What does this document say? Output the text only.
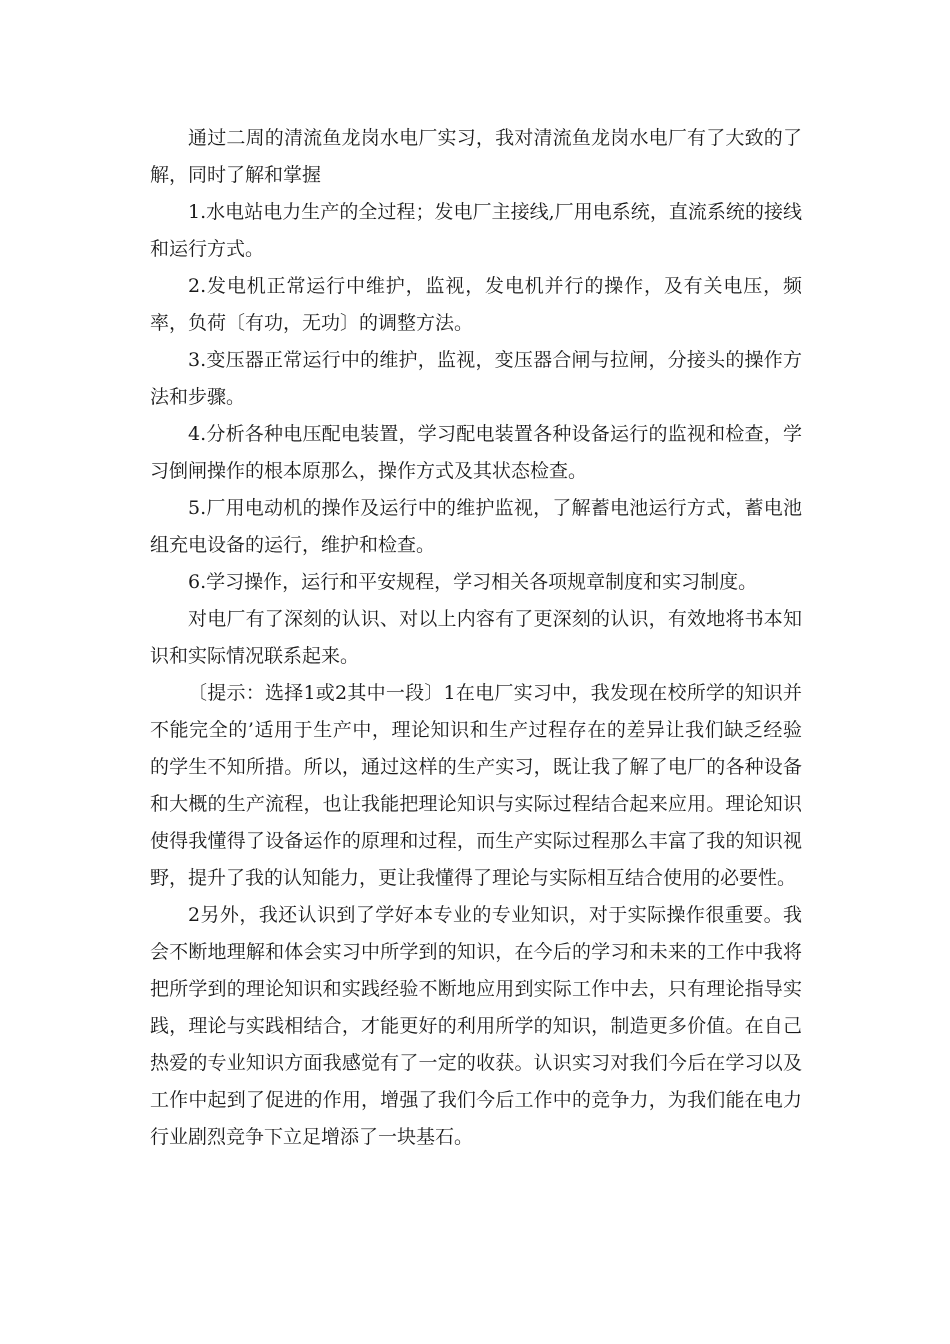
通过二周的清流鱼龙岗水电厂实习，我对清流鱼龙岗水电厂有了大致的了解，同时了解和掌握

1.水电站电力生产的全过程；发电厂主接线,厂用电系统，直流系统的接线和运行方式。

2.发电机正常运行中维护，监视，发电机并行的操作，及有关电压，频率，负荷〔有功，无功〕的调整方法。

3.变压器正常运行中的维护，监视，变压器合闸与拉闸，分接头的操作方法和步骤。

4.分析各种电压配电装置，学习配电装置各种设备运行的监视和检查，学习倒闸操作的根本原那么，操作方式及其状态检查。

5.厂用电动机的操作及运行中的维护监视，了解蓄电池运行方式，蓄电池组充电设备的运行，维护和检查。

6.学习操作，运行和平安规程，学习相关各项规章制度和实习制度。

对电厂有了深刻的认识、对以上内容有了更深刻的认识，有效地将书本知识和实际情况联系起来。

〔提示：选择1或2其中一段〕1在电厂实习中，我发现在校所学的知识并不能完全的’适用于生产中，理论知识和生产过程存在的差异让我们缺乏经验的学生不知所措。所以，通过这样的生产实习，既让我了解了电厂的各种设备和大概的生产流程，也让我能把理论知识与实际过程结合起来应用。理论知识使得我懂得了设备运作的原理和过程，而生产实际过程那么丰富了我的知识视野，提升了我的认知能力，更让我懂得了理论与实际相互结合使用的必要性。

2另外，我还认识到了学好本专业的专业知识，对于实际操作很重要。我会不断地理解和体会实习中所学到的知识，在今后的学习和未来的工作中我将把所学到的理论知识和实践经验不断地应用到实际工作中去，只有理论指导实践，理论与实践相结合，才能更好的利用所学的知识，制造更多价值。在自己热爱的专业知识方面我感觉有了一定的收获。认识实习对我们今后在学习以及工作中起到了促进的作用，增强了我们今后工作中的竞争力，为我们能在电力行业剧烈竞争下立足增添了一块基石。
